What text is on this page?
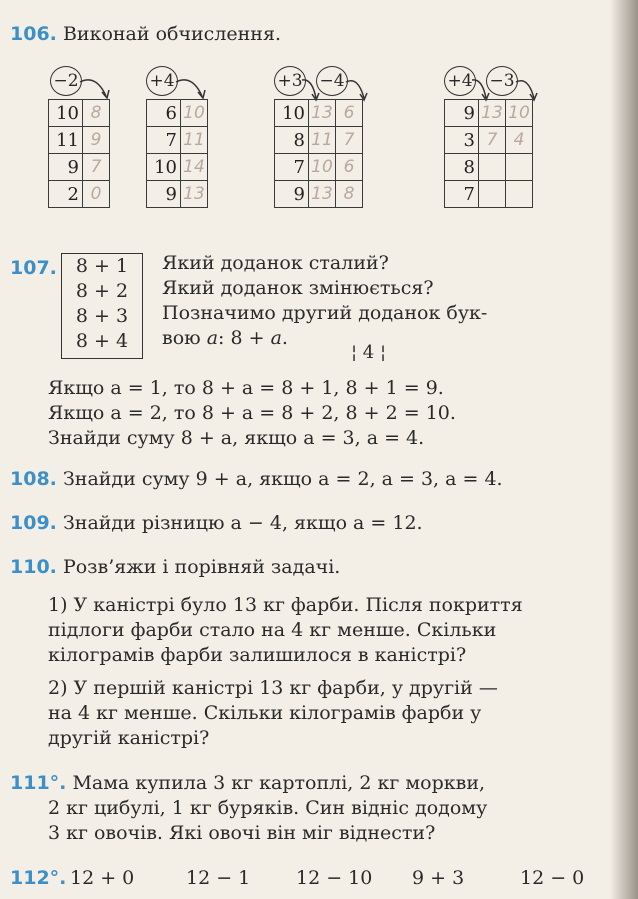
106. Виконай обчислення.
−2
10	8
11	9
9	7
2	0
+4
6	10
7	11
10	14
9	13
+3 −4
10	13	6
8	11	7
7	10	6
9	13	8
+4 −3
9	13	10
3	7	4
8		
7		
107.	8 + 1
8 + 2
8 + 3
8 + 4
Який доданок сталий?
Який доданок змінюється?
Позначимо другий доданок бук-
вою а: 8 + а.
¦ 4 ¦
Якщо а = 1, то 8 + а = 8 + 1, 8 + 1 = 9.
Якщо а = 2, то 8 + а = 8 + 2, 8 + 2 = 10.
Знайди суму 8 + а, якщо а = 3, а = 4.
108. Знайди суму 9 + а, якщо а = 2, а = 3, а = 4.
109. Знайди різницю а − 4, якщо а = 12.
110. Розв’яжи і порівняй задачі.
1) У каністрі було 13 кг фарби. Після покриття
підлоги фарби стало на 4 кг менше. Скільки
кілограмів фарби залишилося в каністрі?
2) У першій каністрі 13 кг фарби, у другій —
на 4 кг менше. Скільки кілограмів фарби у
другій каністрі?
111°. Мама купила 3 кг картоплі, 2 кг моркви,
2 кг цибулі, 1 кг буряків. Син відніс додому
3 кг овочів. Які овочі він міг віднести?
112°. 12 + 0	12 − 1 12 − 10 9 + 3	12 − 0
